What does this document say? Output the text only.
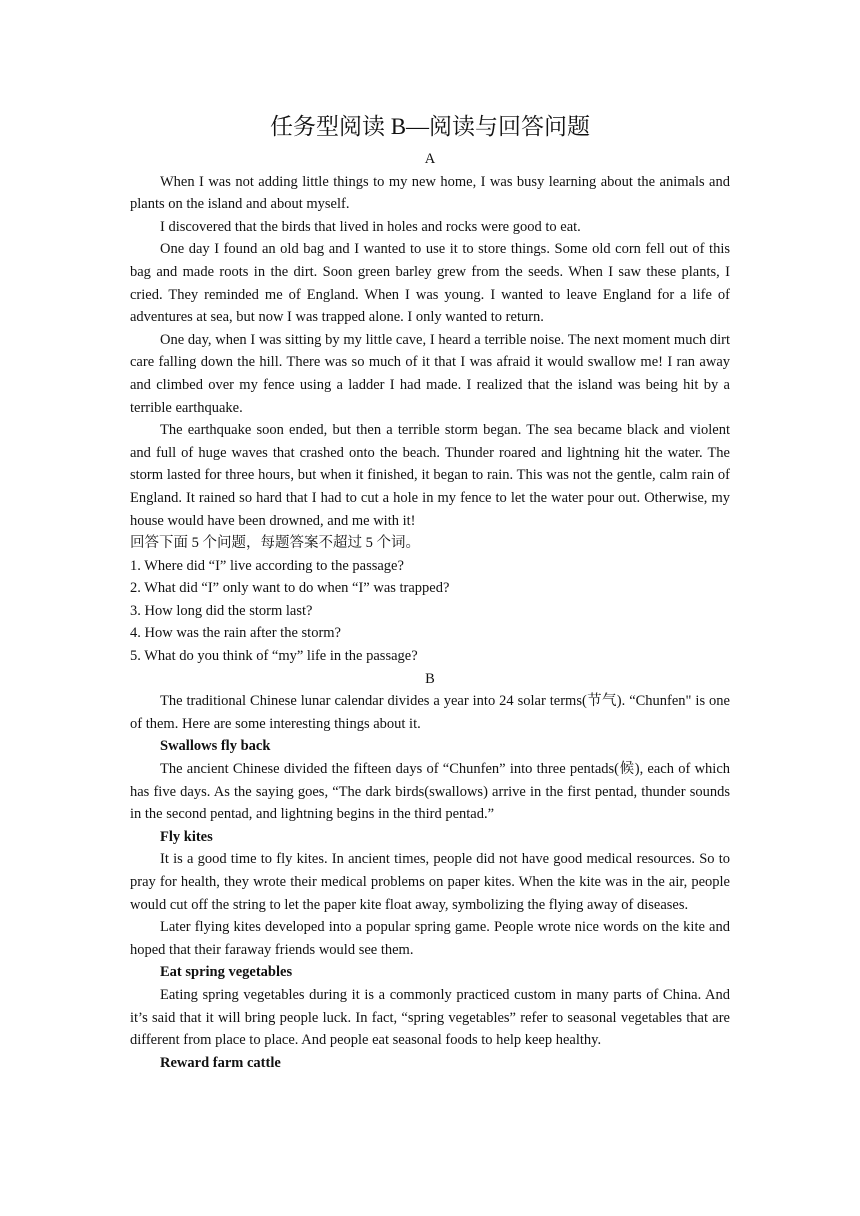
任务型阅读 B—阅读与回答问题
A

When I was not adding little things to my new home, I was busy learning about the animals and plants on the island and about myself.

I discovered that the birds that lived in holes and rocks were good to eat.

One day I found an old bag and I wanted to use it to store things. Some old corn fell out of this bag and made roots in the dirt. Soon green barley grew from the seeds. When I saw these plants, I cried. They reminded me of England. When I was young. I wanted to leave England for a life of adventures at sea, but now I was trapped alone. I only wanted to return.

One day, when I was sitting by my little cave, I heard a terrible noise. The next moment much dirt care falling down the hill. There was so much of it that I was afraid it would swallow me! I ran away and climbed over my fence using a ladder I had made. I realized that the island was being hit by a terrible earthquake.

The earthquake soon ended, but then a terrible storm began. The sea became black and violent and full of huge waves that crashed onto the beach. Thunder roared and lightning hit the water. The storm lasted for three hours, but when it finished, it began to rain. This was not the gentle, calm rain of England. It rained so hard that I had to cut a hole in my fence to let the water pour out. Otherwise, my house would have been drowned, and me with it!

回答下面 5 个问题，每题答案不超过 5 个词。

1. Where did “I” live according to the passage?

2. What did “I” only want to do when “I” was trapped?

3. How long did the storm last?

4. How was the rain after the storm?

5. What do you think of “my” life in the passage?

B

The traditional Chinese lunar calendar divides a year into 24 solar terms(节气). “Chunfen" is one of them. Here are some interesting things about it.

Swallows fly back

The ancient Chinese divided the fifteen days of “Chunfen” into three pentads(候), each of which has five days. As the saying goes, “The dark birds(swallows) arrive in the first pentad, thunder sounds in the second pentad, and lightning begins in the third pentad.”

Fly kites

It is a good time to fly kites. In ancient times, people did not have good medical resources. So to pray for health, they wrote their medical problems on paper kites. When the kite was in the air, people would cut off the string to let the paper kite float away, symbolizing the flying away of diseases.

Later flying kites developed into a popular spring game. People wrote nice words on the kite and hoped that their faraway friends would see them.

Eat spring vegetables

Eating spring vegetables during it is a commonly practiced custom in many parts of China. And it’s said that it will bring people luck. In fact, “spring vegetables” refer to seasonal vegetables that are different from place to place. And people eat seasonal foods to help keep healthy.

Reward farm cattle
